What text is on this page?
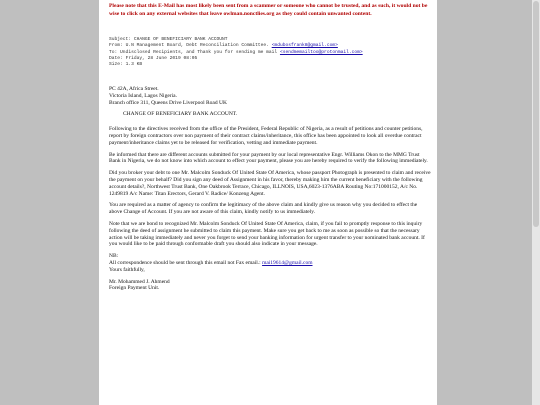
Please note that this E-Mail has most likely been sent from a scammer or someone who cannot be trusted, and as such, it would not be wise to click on any external websites that leave owlman.nonctlies.org as they could contain unwanted content.
Subject: CHANGE OF BENEFICIARY BANK ACCOUNT
From: U.N Management Board, Debt Reconciliation Committee. <mdubosfrank8@gmail.com>
To: Undisclosed Recipients, and Thank you for sending me mail <sendmemailtoo@protonmail.com>
Date: Friday, 28 June 2019 08:05
Size: 1.3 KB

PC 42A, Africa Street.

Victoria Island, Lagos Nigeria.

Branch office 311, Queens Drive Liverpool Road UK

CHANGE OF BENEFICIARY BANK ACCOUNT.

Following to the directives received from the office of the President, Federal Republic of Nigeria, as a result of petitions and counter petitions, report by foreign contractors over non payment of their contract claims/inheritance, this office has been appointed to look all overdue contract payment/inheritance claims yet to be released for verification, vetting and immediate payment.

Be informed that there are different accounts submitted for your payment by our local representative Engr. Williams Okon to the MMG Trust Bank in Nigeria, we do not know into which account to effect your payment, please you are hereby required to verify the following immediately.

Did you broker your debt to one Mr. Malcolm Sonduck Of United State Of America, whose passport Photograph is presented to claim and receive the payment on your behalf? Did you sign any deed of Assignment in his favor, thereby making him the current beneficiary with the following account details?, Northwest Trust Bank, One Oakbrook Terrace, Chicago, ILLNOIS, USA,6023-1376ABA Routing No:171000152, A/c No. 1249819 A/c Name: Titan Erectors, Gerard V. Radice/ Konzeng Agent.

You are required as a matter of agency to confirm the legitimacy of the above claim and kindly give us reason why you decided to effect the above Change of Account. If you are not aware of this claim, kindly notify to us immediately.

Note that we are bond to recognized Mr. Malcolm Sonduck Of United State Of America, claim, if you fail to promptly response to this inquiry following the deed of assignment he submitted to claim this payment. Make sure you get back to me as soon as possible so that the necessary action will be taking immediately and never you forget to send your banking information for urgent transfer to your nominated bank account. If you would like to be paid through conformable draft you should also indicate in your message.

NB:

All correspondence should be sent through this email not Fax email.: mai19614@gmail.com

Yours faithfully,

Mr. Mohammed J. Ahmend

Foreign Payment Unit.
